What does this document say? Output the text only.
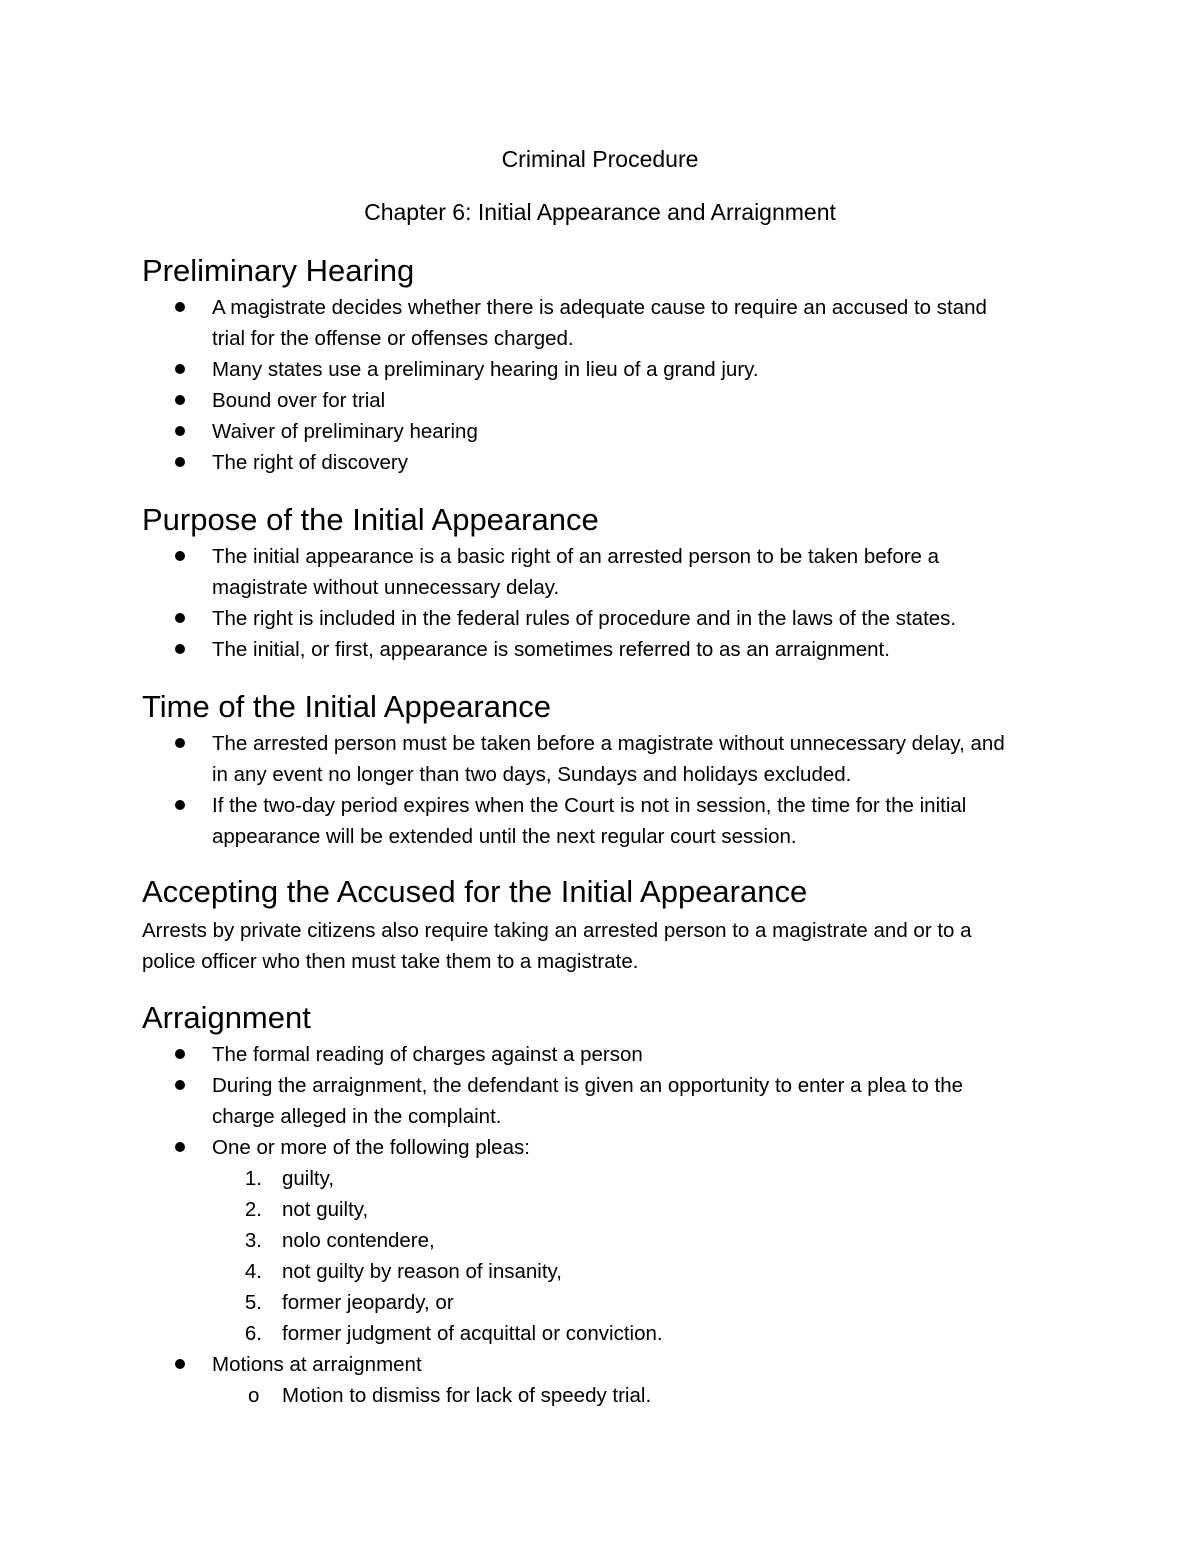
Criminal Procedure
Chapter 6: Initial Appearance and Arraignment
Preliminary Hearing
A magistrate decides whether there is adequate cause to require an accused to stand
trial for the offense or offenses charged.
Many states use a preliminary hearing in lieu of a grand jury.
Bound over for trial
Waiver of preliminary hearing
The right of discovery
Purpose of the Initial Appearance
The initial appearance is a basic right of an arrested person to be taken before a
magistrate without unnecessary delay.
The right is included in the federal rules of procedure and in the laws of the states.
The initial, or first, appearance is sometimes referred to as an arraignment.
Time of the Initial Appearance
The arrested person must be taken before a magistrate without unnecessary delay, and
in any event no longer than two days, Sundays and holidays excluded.
If the two-day period expires when the Court is not in session, the time for the initial
appearance will be extended until the next regular court session.
Accepting the Accused for the Initial Appearance
Arrests by private citizens also require taking an arrested person to a magistrate and or to a
police officer who then must take them to a magistrate.
Arraignment
The formal reading of charges against a person
During the arraignment, the defendant is given an opportunity to enter a plea to the
charge alleged in the complaint.
One or more of the following pleas:
1. guilty,
2. not guilty,
3. nolo contendere,
4. not guilty by reason of insanity,
5. former jeopardy, or
6. former judgment of acquittal or conviction.
Motions at arraignment
o Motion to dismiss for lack of speedy trial.
